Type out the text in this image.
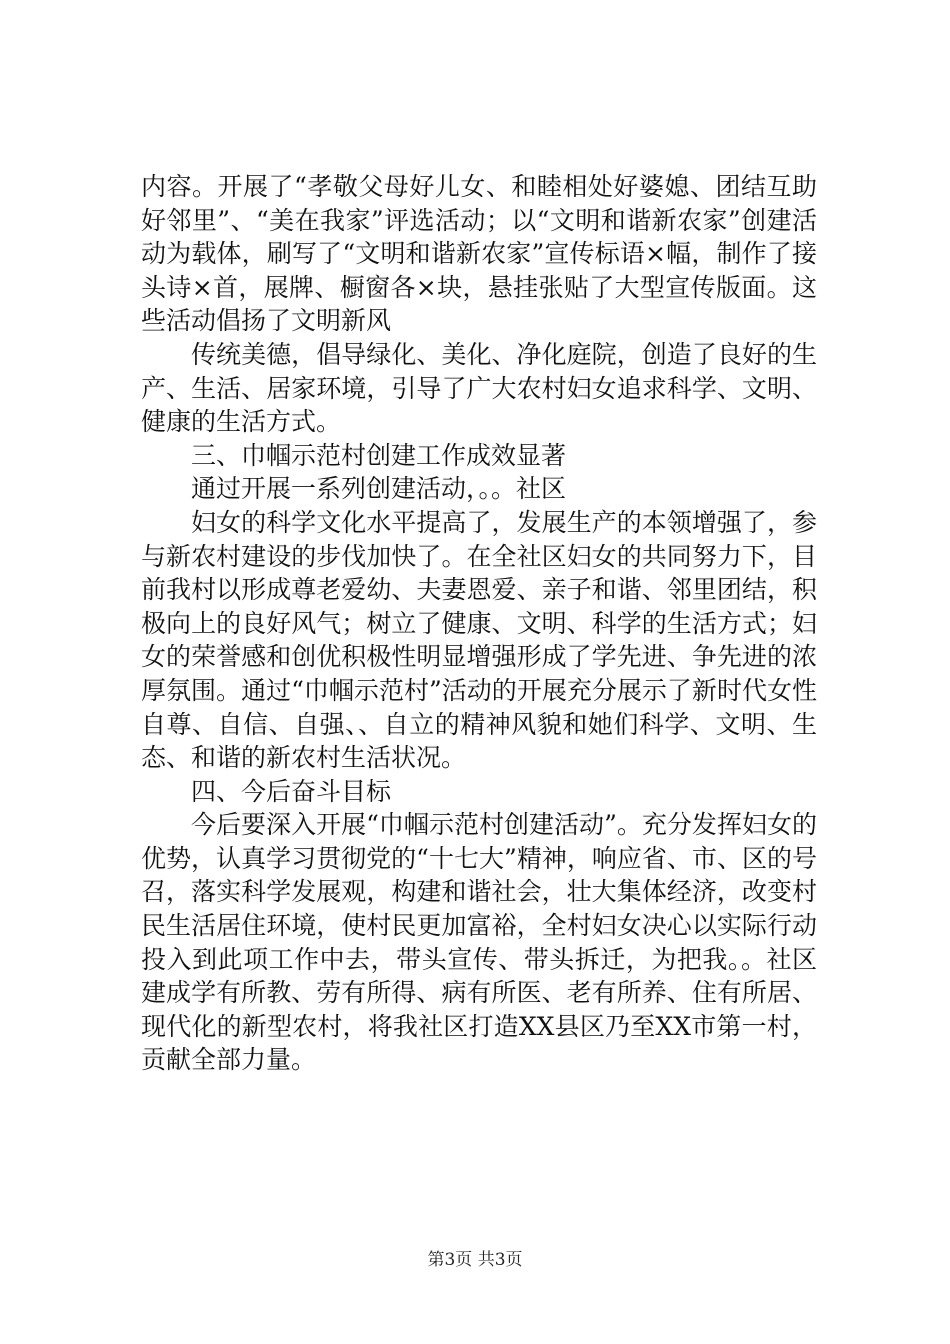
内容。开展了“孝敬父母好儿女、和睦相处好婆媳、团结互助好邻里”、“美在我家”评选活动；以“文明和谐新农家”创建活动为载体，刷写了“文明和谐新农家”宣传标语×幅，制作了接头诗×首，展牌、橱窗各×块，悬挂张贴了大型宣传版面。这些活动倡扬了文明新风

传统美德，倡导绿化、美化、净化庭院，创造了良好的生产、生活、居家环境，引导了广大农村妇女追求科学、文明、健康的生活方式。

三、巾帼示范村创建工作成效显著

通过开展一系列创建活动，。。社区

妇女的科学文化水平提高了，发展生产的本领增强了，参与新农村建设的步伐加快了。在全社区妇女的共同努力下，目前我村以形成尊老爱幼、夫妻恩爱、亲子和谐、邻里团结，积极向上的良好风气；树立了健康、文明、科学的生活方式；妇女的荣誉感和创优积极性明显增强形成了学先进、争先进的浓厚氛围。通过“巾帼示范村”活动的开展充分展示了新时代女性自尊、自信、自强、、自立的精神风貌和她们科学、文明、生态、和谐的新农村生活状况。

四、今后奋斗目标

今后要深入开展“巾帼示范村创建活动”。充分发挥妇女的优势，认真学习贯彻党的“十七大”精神，响应省、市、区的号召，落实科学发展观，构建和谐社会，壮大集体经济，改变村民生活居住环境，使村民更加富裕，全村妇女决心以实际行动投入到此项工作中去，带头宣传、带头拆迁，为把我。。社区建成学有所教、劳有所得、病有所医、老有所养、住有所居、现代化的新型农村，将我社区打造XX县区乃至XX市第一村，贡献全部力量。

第3页 共3页
